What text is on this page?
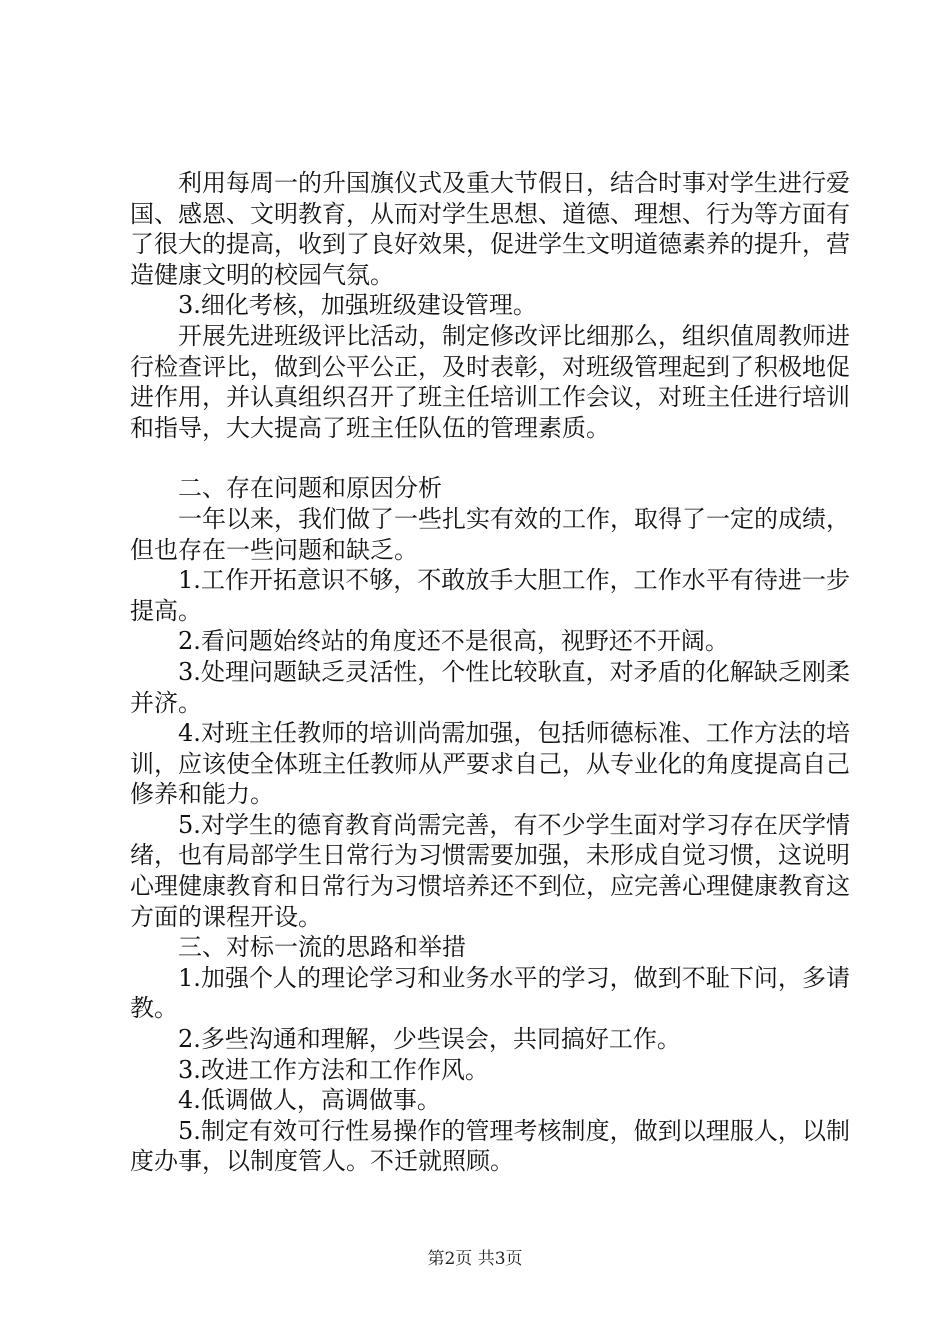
利用每周一的升国旗仪式及重大节假日，结合时事对学生进行爱国、感恩、文明教育，从而对学生思想、道德、理想、行为等方面有了很大的提高，收到了良好效果，促进学生文明道德素养的提升，营造健康文明的校园气氛。

3.细化考核，加强班级建设管理。

开展先进班级评比活动，制定修改评比细那么，组织值周教师进行检查评比，做到公平公正，及时表彰，对班级管理起到了积极地促进作用，并认真组织召开了班主任培训工作会议，对班主任进行培训和指导，大大提高了班主任队伍的管理素质。

二、存在问题和原因分析

一年以来，我们做了一些扎实有效的工作，取得了一定的成绩，但也存在一些问题和缺乏。

1.工作开拓意识不够，不敢放手大胆工作，工作水平有待进一步提高。

2.看问题始终站的角度还不是很高，视野还不开阔。

3.处理问题缺乏灵活性，个性比较耿直，对矛盾的化解缺乏刚柔并济。

4.对班主任教师的培训尚需加强，包括师德标准、工作方法的培训，应该使全体班主任教师从严要求自己，从专业化的角度提高自己修养和能力。

5.对学生的德育教育尚需完善，有不少学生面对学习存在厌学情绪，也有局部学生日常行为习惯需要加强，未形成自觉习惯，这说明心理健康教育和日常行为习惯培养还不到位，应完善心理健康教育这方面的课程开设。

三、对标一流的思路和举措

1.加强个人的理论学习和业务水平的学习，做到不耻下问，多请教。

2.多些沟通和理解，少些误会，共同搞好工作。

3.改进工作方法和工作作风。

4.低调做人，高调做事。

5.制定有效可行性易操作的管理考核制度，做到以理服人，以制度办事，以制度管人。不迁就照顾。

第2页 共3页
